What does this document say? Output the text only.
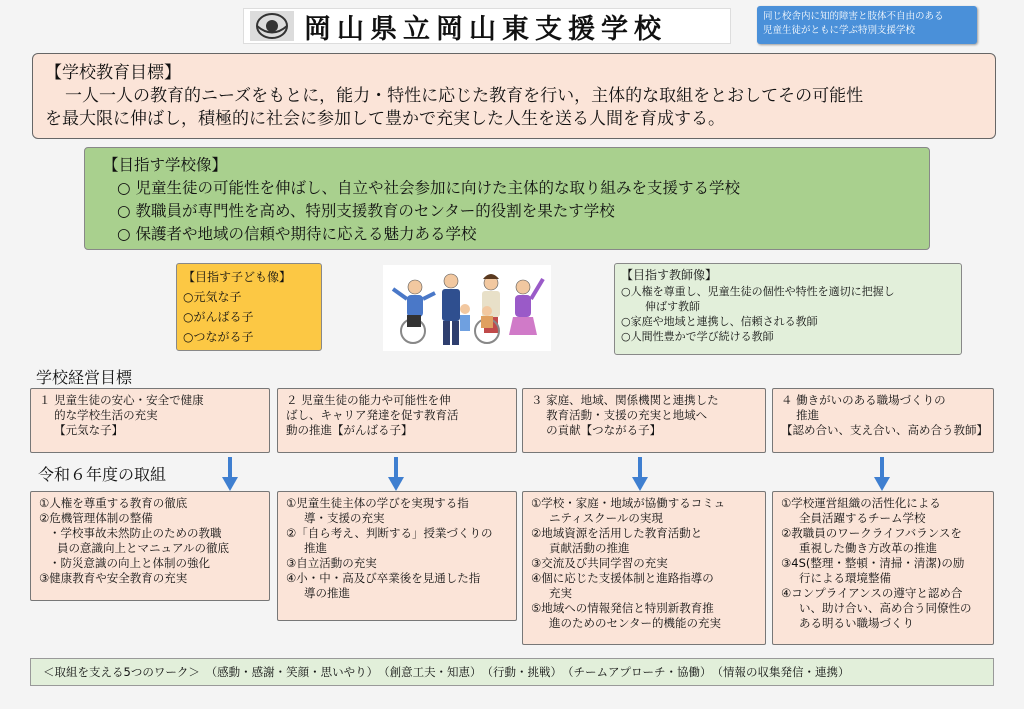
岡山県立岡山東支援学校	同じ校舎内に知的障害と肢体不自由のある
児童生徒がともに学ぶ特別支援学校
【学校教育目標】
一人一人の教育的ニーズをもとに，能力・特性に応じた教育を行い，主体的な取組をとおしてその可能性
を最大限に伸ばし，積極的に社会に参加して豊かで充実した人生を送る人間を育成する。
【目指す学校像】
○ 児童生徒の可能性を伸ばし、自立や社会参加に向けた主体的な取り組みを支援する学校
○ 教職員が専門性を高め、特別支援教育のセンター的役割を果たす学校
○ 保護者や地域の信頼や期待に応える魅力ある学校
【目指す子ども像】
○元気な子
○がんばる子
○つながる子
【目指す教師像】
○人権を尊重し、児童生徒の個性や特性を適切に把握し
伸ばす教師
○家庭や地域と連携し、信頼される教師
○人間性豊かで学び続ける教師
学校経営目標
令和６年度の取組
１ 児童生徒の安心・安全で健康
　 的な学校生活の充実
　 【元気な子】
２ 児童生徒の能力や可能性を伸
ばし、キャリア発達を促す教育活
動の推進【がんばる子】
３ 家庭、地域、関係機関と連携した
　 教育活動・支援の充実と地域へ
　 の貢献【つながる子】
４ 働きがいのある職場づくりの
　 推進
【認め合い、支え合い、高め合う教師】
①人権を尊重する教育の徹底
②危機管理体制の整備
・学校事故未然防止のための教職
員の意識向上とマニュアルの徹底
・防災意識の向上と体制の強化
③健康教育や安全教育の充実
①児童生徒主体の学びを実現する指
導・支援の充実
②「自ら考え、判断する」授業づくりの
推進
③自立活動の充実
④小・中・高及び卒業後を見通した指
導の推進
①学校・家庭・地域が協働するコミュ
ニティスクールの実現
②地域資源を活用した教育活動と
貢献活動の推進
③交流及び共同学習の充実
④個に応じた支援体制と進路指導の
充実
⑤地域への情報発信と特別新教育推
進のためのセンター的機能の充実
①学校運営組織の活性化による
全員活躍するチーム学校
②教職員のワークライフバランスを
重視した働き方改革の推進
③4S(整理・整頓・清掃・清潔)の励
行による環境整備
④コンプライアンスの遵守と認め合
い、助け合い、高め合う同僚性の
ある明るい職場づくり
＜取組を支える5つのワーク＞　（感動・感謝・笑顔・思いやり）　（創意工夫・知恵）　（行動・挑戦）　（チームアプローチ・協働）　（情報の収集発信・連携）
